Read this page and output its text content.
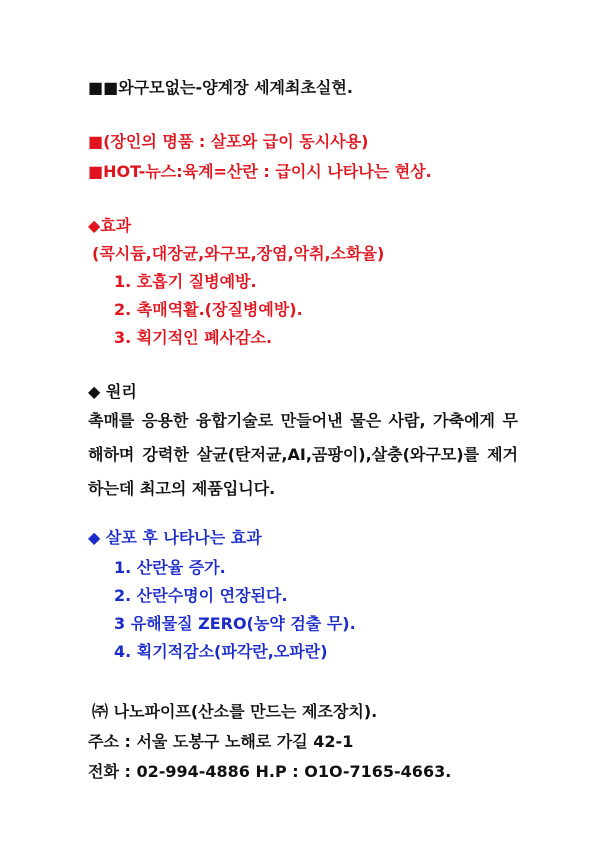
■■와구모없는-양계장 세계최초실현.
■(장인의 명품 : 살포와 급이 동시사용)
■HOT-뉴스:육계=산란 : 급이시 나타나는 현상.
◆효과
(콕시듐,대장균,와구모,장염,악취,소화율)
1. 호흡기 질병예방.
2. 촉매역활.(장질병예방).
3. 획기적인 폐사감소.
◆ 원리
촉매를 응용한 융합기술로 만들어낸 물은 사람, 가축에게 무해하며 강력한 살균(탄저균,AI,곰팡이),살충(와구모)를 제거하는데 최고의 제품입니다.
◆ 살포 후 나타나는 효과
1. 산란율 증가.
2. 산란수명이 연장된다.
3 유해물질 ZERO(농약 검출 무).
4. 획기적감소(파각란,오파란)
㈜ 나노파이프(산소를 만드는 제조장치).
주소 : 서울 도봉구 노해로 가길 42-1
전화 : 02-994-4886 H.P : O1O-7165-4663.
